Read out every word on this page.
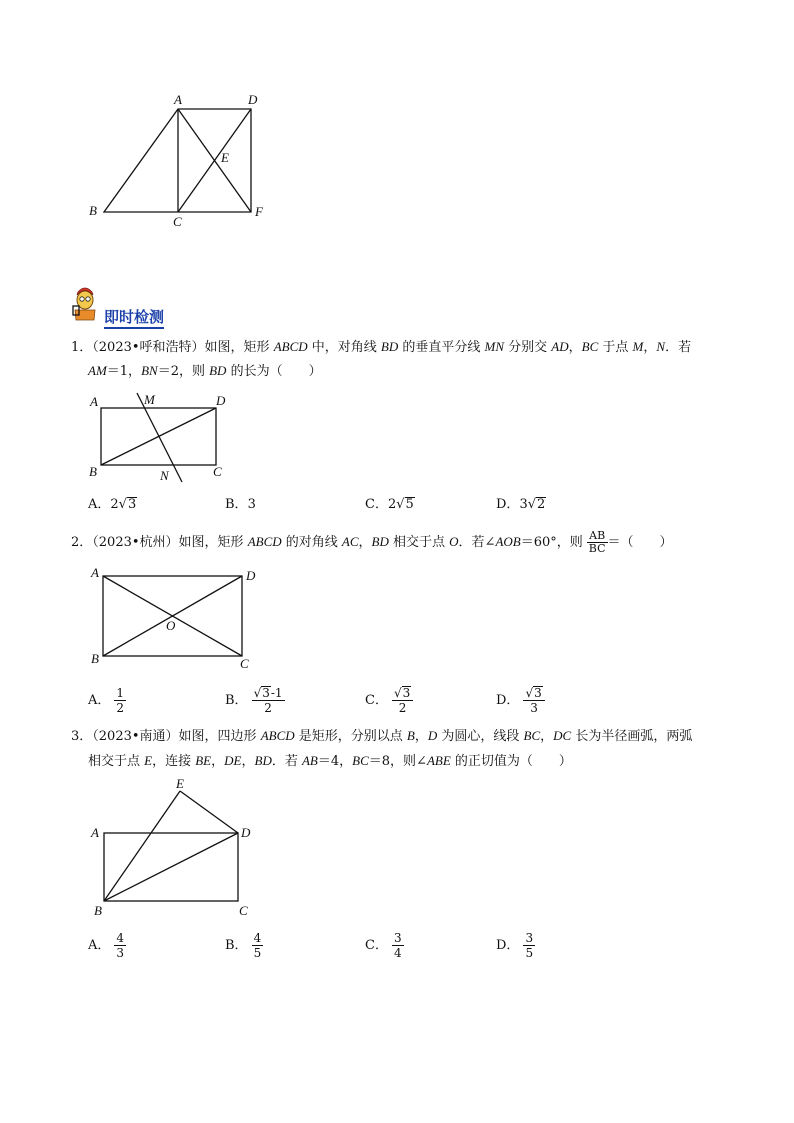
A	D
E
B
C
F
即时检测
1．（2023•呼和浩特）如图，矩形 ABCD 中，对角线 BD 的垂直平分线 MN 分别交 AD，BC 于点 M，N．若
AM＝1，BN＝2，则 BD 的长为（　　）
A	M	D
B	N	C
A．2√3	B．3	C．2√5	D．3√2
2．（2023•杭州）如图，矩形 ABCD 的对角线 AC，BD 相交于点 O．若∠AOB＝60°，则 $\frac{AB}{BC}$ ＝（　　）
A	D
O
B	C
A． $\frac{1}{2}$	B． $\frac{√3-1}{2}$	C． $\frac{√3}{2}$	D． $\frac{√3}{3}$
3．（2023•南通）如图，四边形 ABCD 是矩形，分别以点 B，D 为圆心，线段 BC，DC 长为半径画弧，两弧
相交于点 E，连接 BE，DE，BD．若 AB＝4，BC＝8，则∠ABE 的正切值为（　　）
E
A	D
B	C
A． $\frac{4}{3}$	B． $\frac{4}{5}$	C． $\frac{3}{4}$	D． $\frac{3}{5}$
